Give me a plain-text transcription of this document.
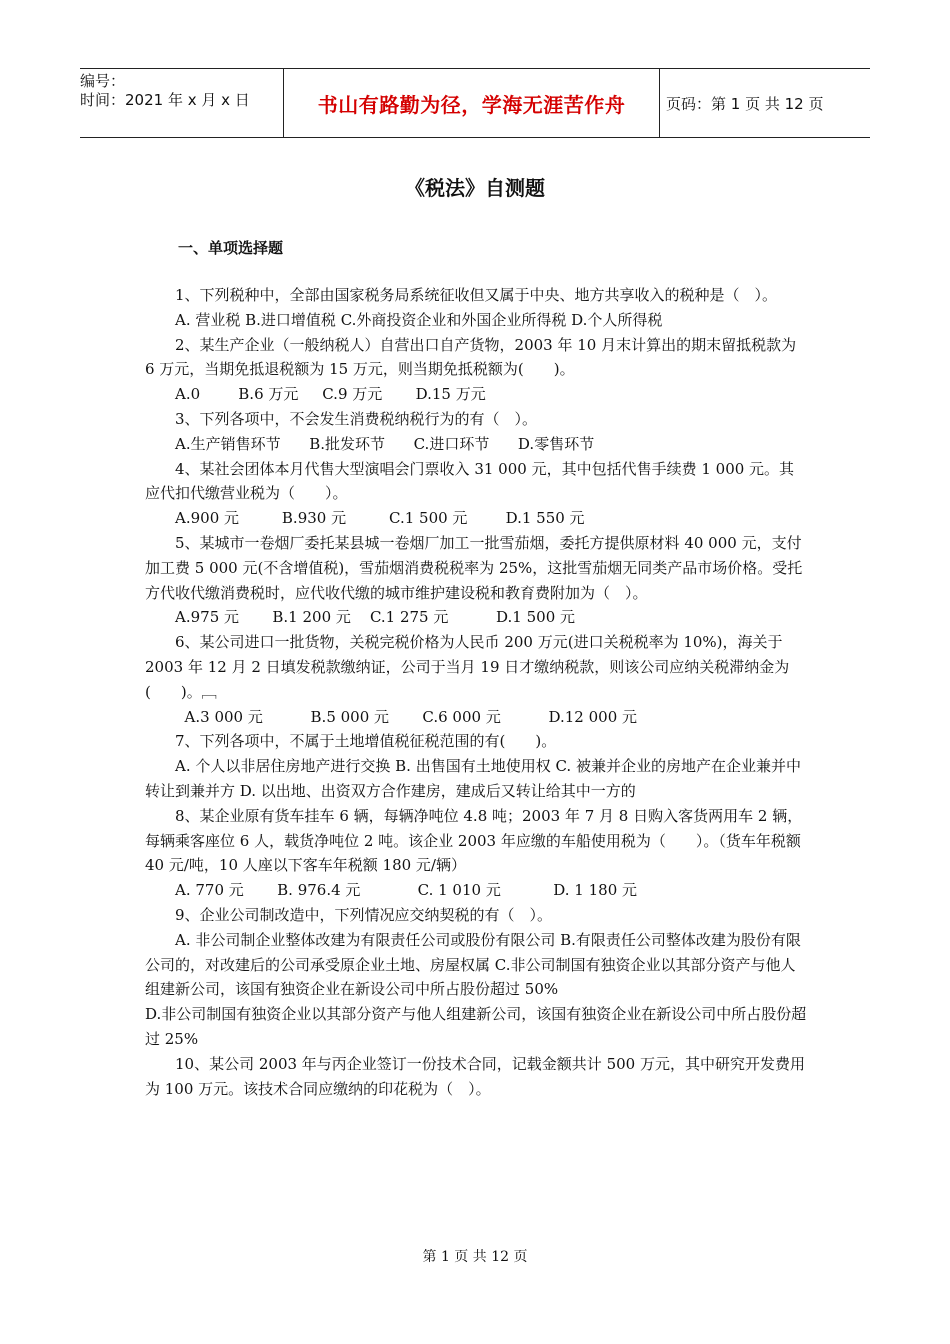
编号：
时间：2021 年 x 月 x 日	书山有路勤为径，学海无涯苦作舟	页码：第 1 页 共 12 页
《税法》自测题
一、单项选择题

1、下列税种中，全部由国家税务局系统征收但又属于中央、地方共享收入的税种是（　）。

A. 营业税 B.进口增值税 C.外商投资企业和外国企业所得税 D.个人所得税

2、某生产企业（一般纳税人）自营出口自产货物，2003 年 10 月末计算出的期末留抵税款为 6 万元，当期免抵退税额为 15 万元，则当期免抵税额为(　　)。

A.0        B.6 万元     C.9 万元       D.15 万元

3、下列各项中，不会发生消费税纳税行为的有（　）。

A.生产销售环节      B.批发环节      C.进口环节      D.零售环节

4、某社会团体本月代售大型演唱会门票收入 31 000 元，其中包括代售手续费 1 000 元。其应代扣代缴营业税为（　　）。

A.900 元         B.930 元         C.1 500 元        D.1 550 元

5、某城市一卷烟厂委托某县城一卷烟厂加工一批雪茄烟，委托方提供原材料 40 000 元，支付加工费 5 000 元(不含增值税)，雪茄烟消费税税率为 25%，这批雪茄烟无同类产品市场价格。受托方代收代缴消费税时，应代收代缴的城市维护建设税和教育费附加为（　）。

A.975 元       B.1 200 元    C.1 275 元          D.1 500 元

6、某公司进口一批货物，关税完税价格为人民币 200 万元(进口关税税率为 10%)，海关于 2003 年 12 月 2 日填发税款缴纳证，公司于当月 19 日才缴纳税款，则该公司应纳关税滞纳金为(　　)。﹇

A.3 000 元          B.5 000 元       C.6 000 元          D.12 000 元

7、下列各项中，不属于土地增值税征税范围的有(　　)。

A. 个人以非居住房地产进行交换 B. 出售国有土地使用权 C. 被兼并企业的房地产在企业兼并中转让到兼并方 D. 以出地、出资双方合作建房，建成后又转让给其中一方的

8、某企业原有货车挂车 6 辆，每辆净吨位 4.8 吨；2003 年 7 月 8 日购入客货两用车 2 辆，每辆乘客座位 6 人，载货净吨位 2 吨。该企业 2003 年应缴的车船使用税为（　　）。（货车年税额 40 元/吨，10 人座以下客车年税额 180 元/辆）

A. 770 元       B. 976.4 元            C. 1 010 元           D. 1 180 元

9、企业公司制改造中，下列情况应交纳契税的有（　）。

A. 非公司制企业整体改建为有限责任公司或股份有限公司 B.有限责任公司整体改建为股份有限公司的，对改建后的公司承受原企业土地、房屋权属 C.非公司制国有独资企业以其部分资产与他人组建新公司，该国有独资企业在新设公司中所占股份超过 50%

D.非公司制国有独资企业以其部分资产与他人组建新公司，该国有独资企业在新设公司中所占股份超过 25%

10、某公司 2003 年与丙企业签订一份技术合同，记载金额共计 500 万元，其中研究开发费用为 100 万元。该技术合同应缴纳的印花税为（　）。

第 1 页 共 12 页
